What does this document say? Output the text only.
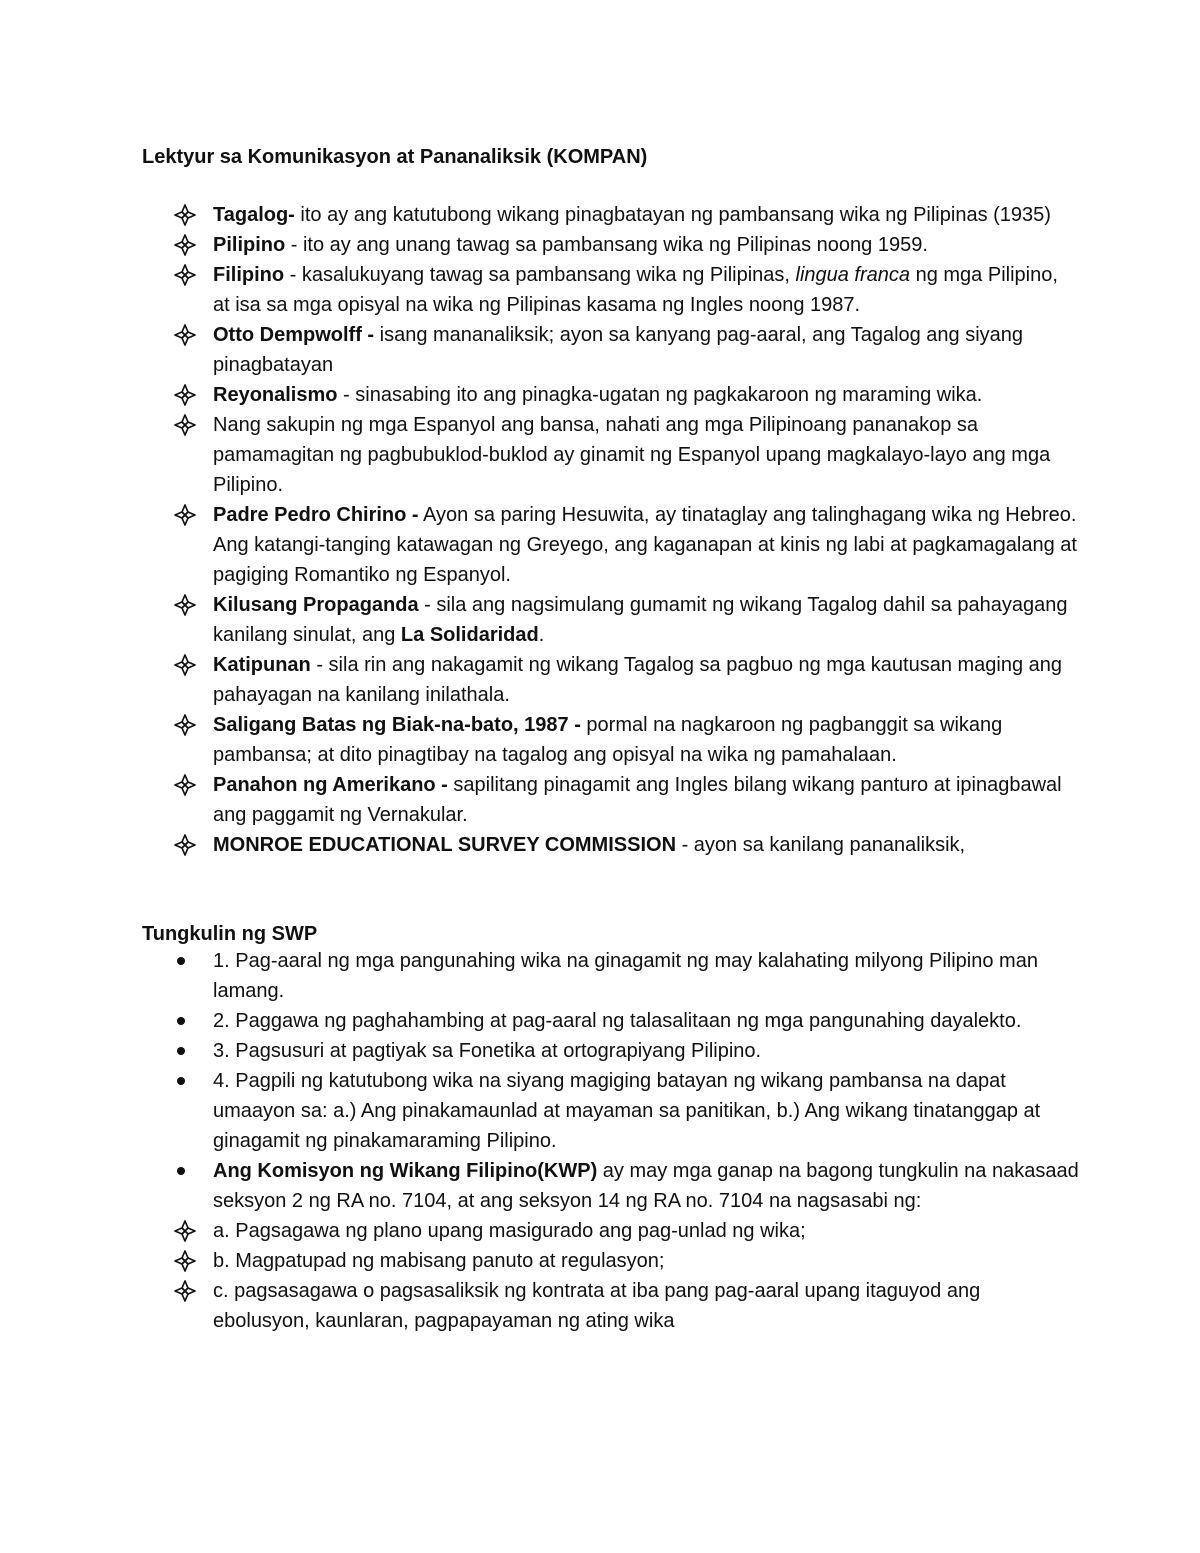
Lektyur sa Komunikasyon at Pananaliksik (KOMPAN)
Tagalog- ito ay ang katutubong wikang pinagbatayan ng pambansang wika ng Pilipinas (1935)
Pilipino - ito ay ang unang tawag sa pambansang wika ng Pilipinas noong 1959.
Filipino - kasalukuyang tawag sa pambansang wika ng Pilipinas, lingua franca ng mga Pilipino, at isa sa mga opisyal na wika ng Pilipinas kasama ng Ingles noong 1987.
Otto Dempwolff - isang mananaliksik; ayon sa kanyang pag-aaral, ang Tagalog ang siyang pinagbatayan
Reyonalismo - sinasabing ito ang pinagka-ugatan ng pagkakaroon ng maraming wika.
Nang sakupin ng mga Espanyol ang bansa, nahati ang mga Pilipinoang pananakop sa pamamagitan ng pagbubuklod-buklod ay ginamit ng Espanyol upang magkalayo-layo ang mga Pilipino.
Padre Pedro Chirino - Ayon sa paring Hesuwita, ay tinataglay ang talinghagang wika ng Hebreo. Ang katangi-tanging katawagan ng Greyego, ang kaganapan at kinis ng labi at pagkamagalang at pagiging Romantiko ng Espanyol.
Kilusang Propaganda - sila ang nagsimulang gumamit ng wikang Tagalog dahil sa pahayagang kanilang sinulat, ang La Solidaridad.
Katipunan - sila rin ang nakagamit ng wikang Tagalog sa pagbuo ng mga kautusan maging ang pahayagan na kanilang inilathala.
Saligang Batas ng Biak-na-bato, 1987 - pormal na nagkaroon ng pagbanggit sa wikang pambansa; at dito pinagtibay na tagalog ang opisyal na wika ng pamahalaan.
Panahon ng Amerikano - sapilitang pinagamit ang Ingles bilang wikang panturo at ipinagbawal ang paggamit ng Vernakular.
MONROE EDUCATIONAL SURVEY COMMISSION - ayon sa kanilang pananaliksik,
Tungkulin ng SWP
1. Pag-aaral ng mga pangunahing wika na ginagamit ng may kalahating milyong Pilipino man lamang.
2. Paggawa ng paghahambing at pag-aaral ng talasalitaan ng mga pangunahing dayalekto.
3. Pagsusuri at pagtiyak sa Fonetika at ortograpiyang Pilipino.
4. Pagpili ng katutubong wika na siyang magiging batayan ng wikang pambansa na dapat umaayon sa: a.) Ang pinakamaunlad at mayaman sa panitikan, b.) Ang wikang tinatanggap at ginagamit ng pinakamaraming Pilipino.
Ang Komisyon ng Wikang Filipino(KWP) ay may mga ganap na bagong tungkulin na nakasaad seksyon 2 ng RA no. 7104, at ang seksyon 14 ng RA no. 7104 na nagsasabi ng:
a. Pagsagawa ng plano upang masigurado ang pag-unlad ng wika;
b. Magpatupad ng mabisang panuto at regulasyon;
c. pagsasagawa o pagsasaliksik ng kontrata at iba pang pag-aaral upang itaguyod ang ebolusyon, kaunlaran, pagpapayaman ng ating wika
